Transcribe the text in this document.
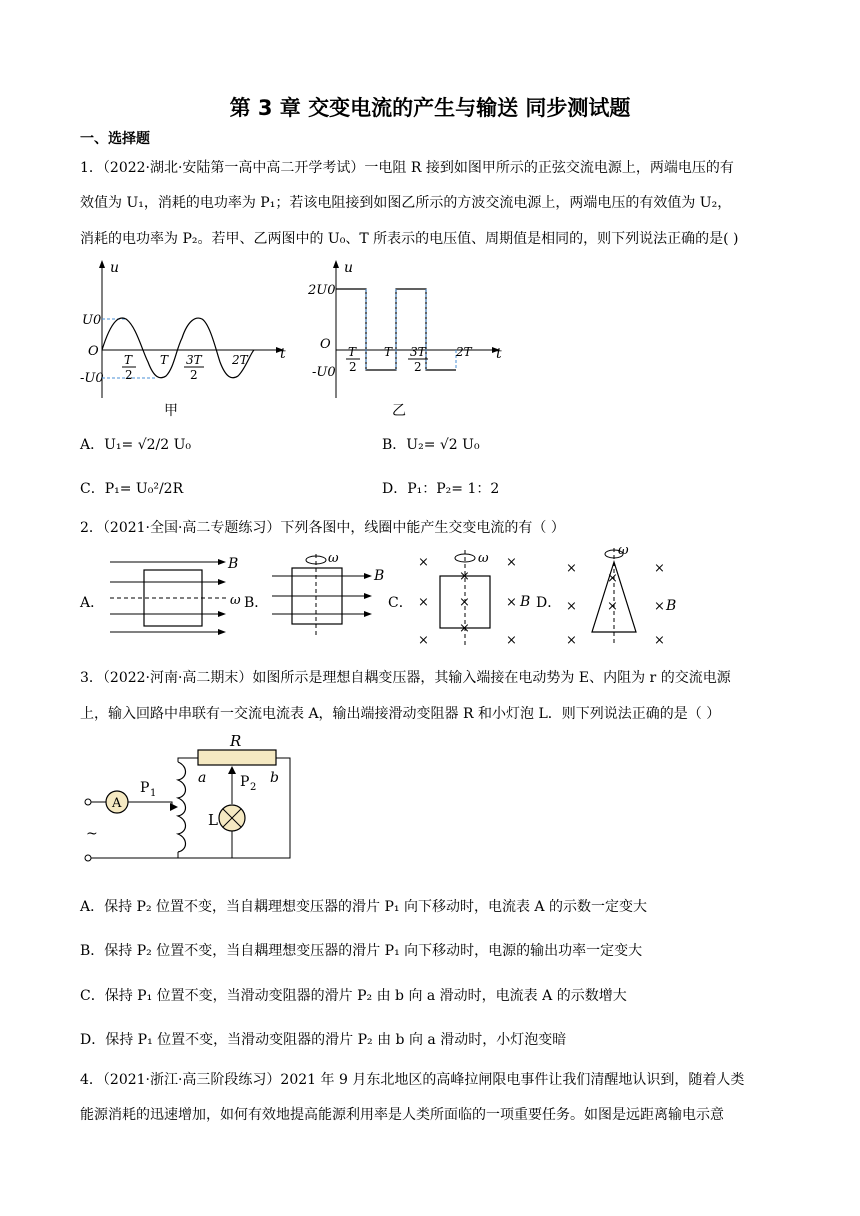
第 3 章 交变电流的产生与输送 同步测试题
一、选择题
1．（2022·湖北·安陆第一高中高二开学考试）一电阻 R 接到如图甲所示的正弦交流电源上，两端电压的有
效值为 U₁，消耗的电功率为 P₁；若该电阻接到如图乙所示的方波交流电源上，两端电压的有效值为 U₂，
消耗的电功率为 P₂。若甲、乙两图中的 U₀、T 所表示的电压值、周期值是相同的，则下列说法正确的是( )
u
t
O
U0
-U0
T
2
T 3T
2
2T
甲
u
t
O
2U0
-U0
T
2
T 3T
2
2T
乙
A．U₁= √2/2 U₀	B．U₂= √2 U₀
C．P₁= U₀²/2R	D．P₁：P₂= 1：2
2．（2021·全国·高二专题练习）下列各图中，线圈中能产生交变电流的有（ ）
A．
B
ω B．
ω
B
C．
×	×
×	×
×	×
×
×
×
ω
B D．
×	×
×	×
×	×
×
×
ω
B
3．（2022·河南·高二期末）如图所示是理想自耦变压器，其输入端接在电动势为 E、内阻为 r 的交流电源
上，输入回路中串联有一交流电流表 A，输出端接滑动变阻器 R 和小灯泡 L．则下列说法正确的是（ ）
R
a	b
P 2
L
P 1
A
~
A．保持 P₂ 位置不变，当自耦理想变压器的滑片 P₁ 向下移动时，电流表 A 的示数一定变大
B．保持 P₂ 位置不变，当自耦理想变压器的滑片 P₁ 向下移动时，电源的输出功率一定变大
C．保持 P₁ 位置不变，当滑动变阻器的滑片 P₂ 由 b 向 a 滑动时，电流表 A 的示数增大
D．保持 P₁ 位置不变，当滑动变阻器的滑片 P₂ 由 b 向 a 滑动时，小灯泡变暗
4．（2021·浙江·高三阶段练习）2021 年 9 月东北地区的高峰拉闸限电事件让我们清醒地认识到，随着人类
能源消耗的迅速增加，如何有效地提高能源利用率是人类所面临的一项重要任务。如图是远距离输电示意
